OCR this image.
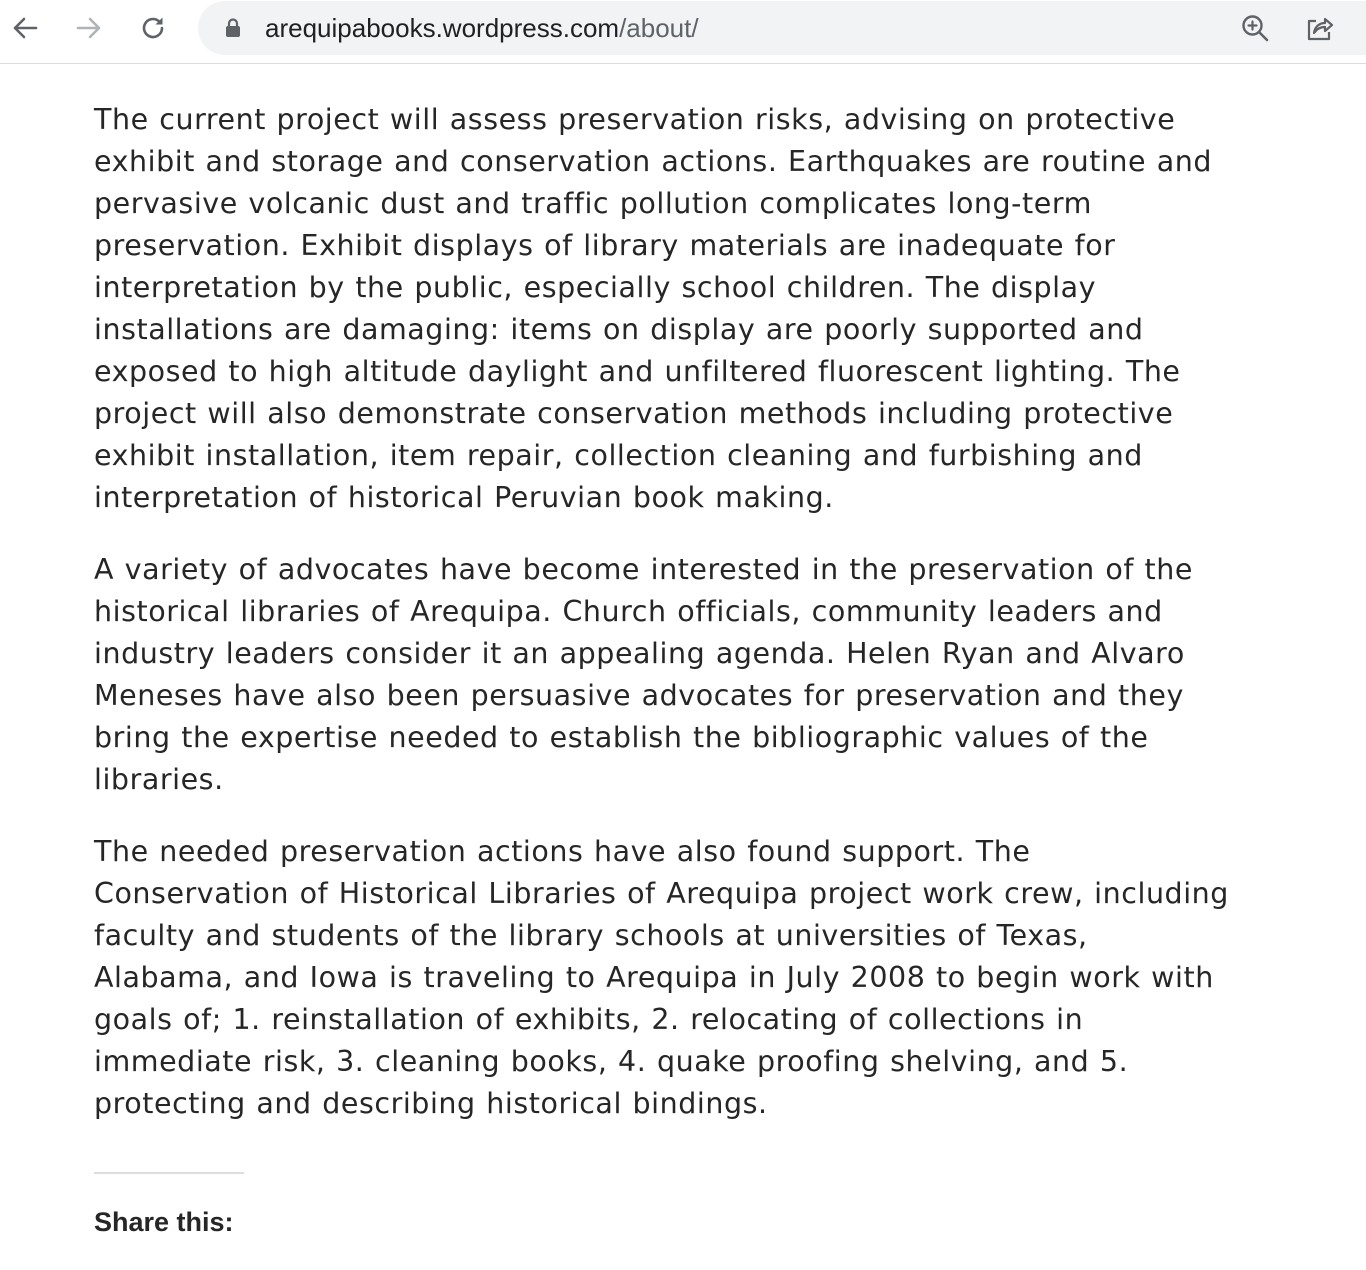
arequipabooks.wordpress.com/about/

The current project will assess preservation risks, advising on protective exhibit and storage and conservation actions. Earthquakes are routine and pervasive volcanic dust and traffic pollution complicates long-term preservation. Exhibit displays of library materials are inadequate for interpretation by the public, especially school children. The display installations are damaging: items on display are poorly supported and exposed to high altitude daylight and unfiltered fluorescent lighting. The project will also demonstrate conservation methods including protective exhibit installation, item repair, collection cleaning and furbishing and interpretation of historical Peruvian book making.

A variety of advocates have become interested in the preservation of the historical libraries of Arequipa. Church officials, community leaders and industry leaders consider it an appealing agenda. Helen Ryan and Alvaro Meneses have also been persuasive advocates for preservation and they bring the expertise needed to establish the bibliographic values of the libraries.

The needed preservation actions have also found support. The Conservation of Historical Libraries of Arequipa project work crew, including faculty and students of the library schools at universities of Texas, Alabama, and Iowa is traveling to Arequipa in July 2008 to begin work with goals of; 1. reinstallation of exhibits, 2. relocating of collections in immediate risk, 3. cleaning books, 4. quake proofing shelving, and 5. protecting and describing historical bindings.

Share this:
